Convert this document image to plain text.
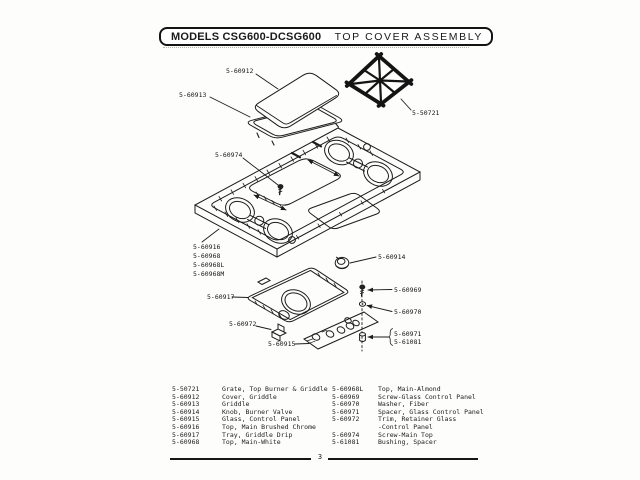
MODELS CSG600-DCSG600 TOP COVER ASSEMBLY
5-60912
5-60913
5-50721
5-60974
5-60916
5-60968
5-60968L
5-60968M
5-60914
5-60917
5-60969
5-60970
5-60971
5-61081
5-60972
5-60915
5-50721	Grate, Top Burner & Griddle
5-60912	Cover, Griddle
5-60913	Griddle
5-60914	Knob, Burner Valve
5-60915	Glass, Control Panel
5-60916	Top, Main Brushed Chrome
5-60917	Tray, Griddle Drip
5-60968	Top, Main-White
5-60968L Top, Main-Almond
5-60969	Screw-Glass Control Panel
5-60970	Washer, Fiber
5-60971	Spacer, Glass Control Panel
5-60972	Trim, Retainer Glass
-Control Panel
5-60974	Screw-Main Top
5-61081	Bushing, Spacer
3
